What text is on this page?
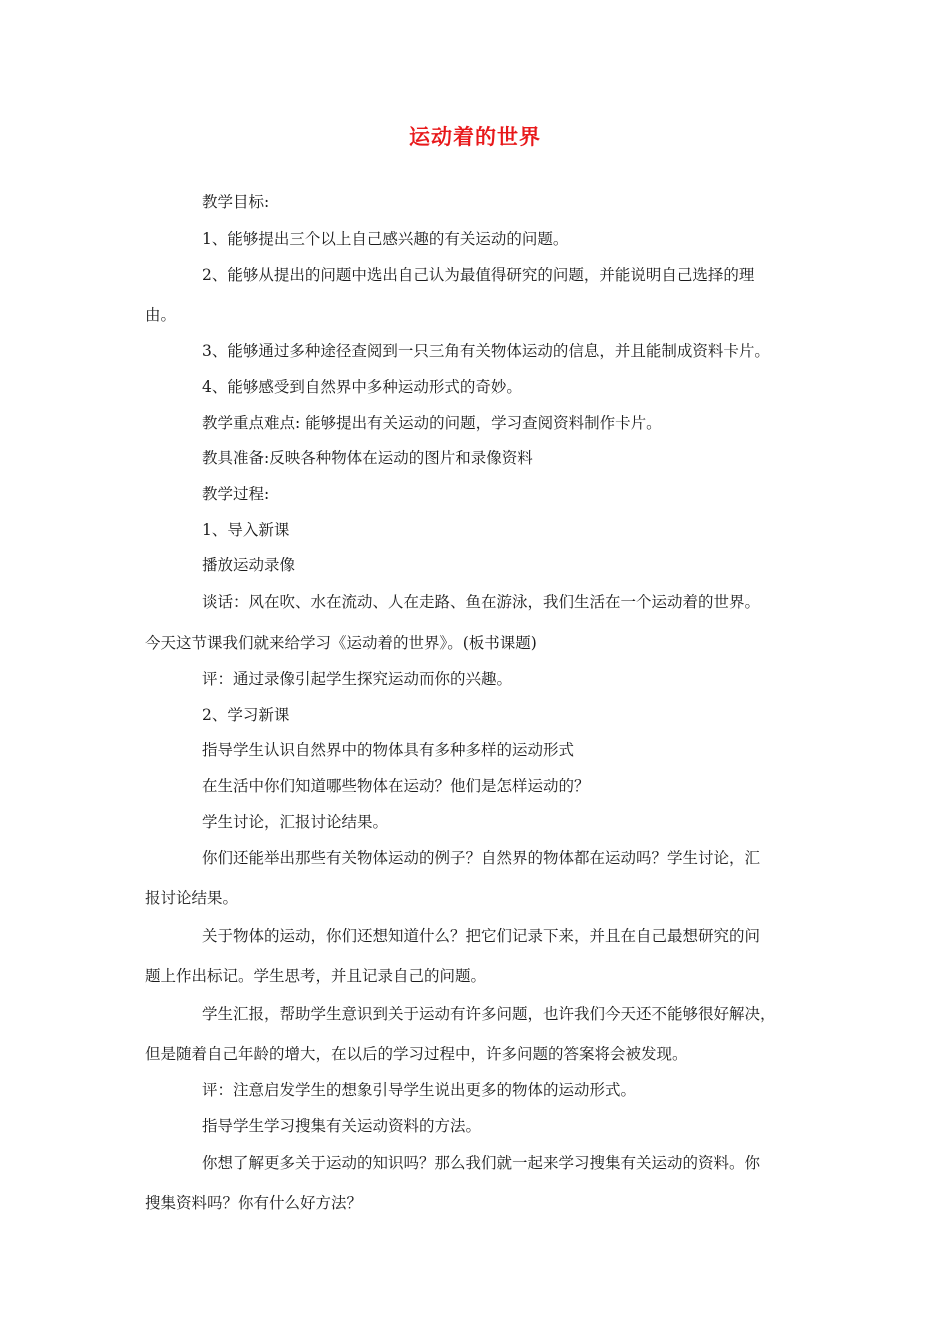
运动着的世界
教学目标:
1、能够提出三个以上自己感兴趣的有关运动的问题。
2、能够从提出的问题中选出自己认为最值得研究的问题，并能说明自己选择的理
由。
3、能够通过多种途径查阅到一只三角有关物体运动的信息，并且能制成资料卡片。
4、能够感受到自然界中多种运动形式的奇妙。
教学重点难点: 能够提出有关运动的问题，学习查阅资料制作卡片。
教具准备:反映各种物体在运动的图片和录像资料
教学过程:
1、导入新课
播放运动录像
谈话：风在吹、水在流动、人在走路、鱼在游泳，我们生活在一个运动着的世界。
今天这节课我们就来给学习《运动着的世界》。(板书课题)
评：通过录像引起学生探究运动而你的兴趣。
2、学习新课
指导学生认识自然界中的物体具有多种多样的运动形式
在生活中你们知道哪些物体在运动？他们是怎样运动的？
学生讨论，汇报讨论结果。
你们还能举出那些有关物体运动的例子？自然界的物体都在运动吗？学生讨论，汇
报讨论结果。
关于物体的运动，你们还想知道什么？把它们记录下来，并且在自己最想研究的问
题上作出标记。学生思考，并且记录自己的问题。
学生汇报，帮助学生意识到关于运动有许多问题，也许我们今天还不能够很好解决，
但是随着自己年龄的增大，在以后的学习过程中，许多问题的答案将会被发现。
评：注意启发学生的想象引导学生说出更多的物体的运动形式。
指导学生学习搜集有关运动资料的方法。
你想了解更多关于运动的知识吗？那么我们就一起来学习搜集有关运动的资料。你
搜集资料吗？你有什么好方法？
